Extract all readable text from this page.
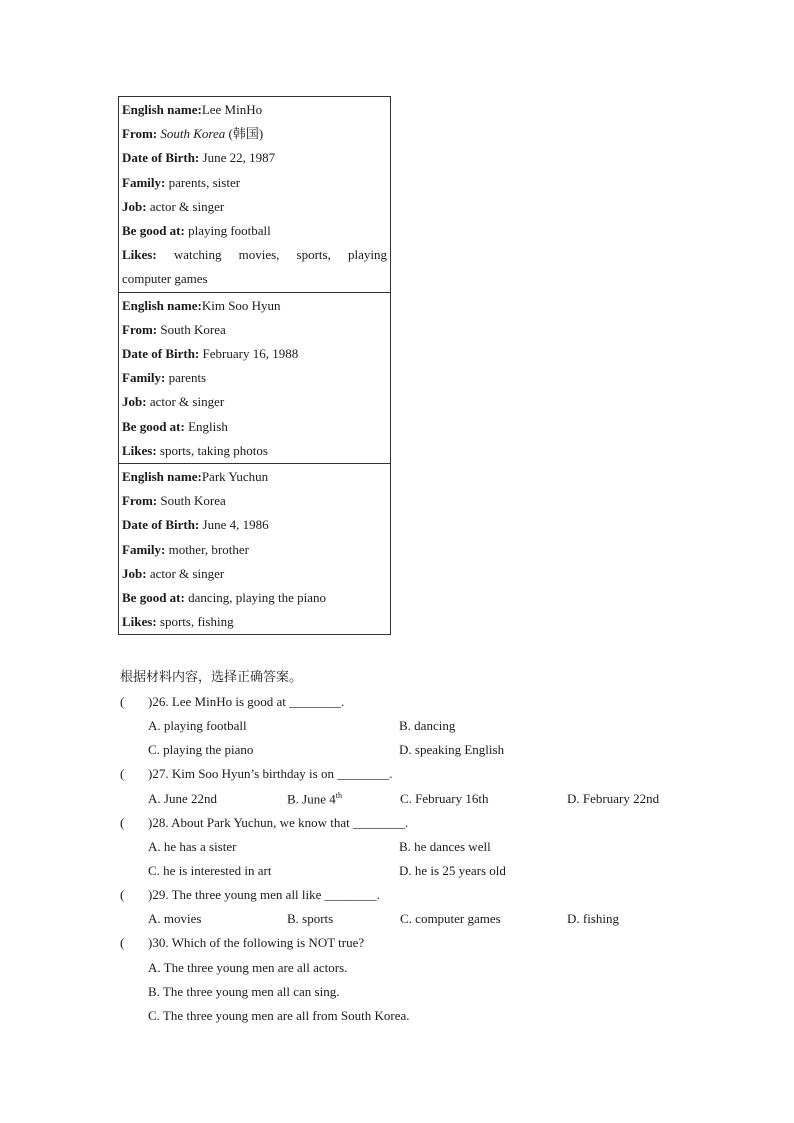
English name:Lee MinHo
From: South Korea (韩国)
Date of Birth: June 22, 1987
Family: parents, sister
Job: actor & singer
Be good at: playing football
Likes: watching movies, sports, playing
computer games
English name:Kim Soo Hyun
From: South Korea
Date of Birth: February 16, 1988
Family: parents
Job: actor & singer
Be good at: English
Likes: sports, taking photos
English name:Park Yuchun
From: South Korea
Date of Birth: June 4, 1986
Family: mother, brother
Job: actor & singer
Be good at: dancing, playing the piano
Likes: sports, fishing
根据材料内容，选择正确答案。
( )26. Lee MinHo is good at ________.
A. playing football	B. dancing
C. playing the piano	D. speaking English
( )27. Kim Soo Hyun’s birthday is on ________.
A. June 22nd	B. June 4th	C. February 16th	D. February 22nd
( )28. About Park Yuchun, we know that ________.
A. he has a sister	B. he dances well
C. he is interested in art	D. he is 25 years old
( )29. The three young men all like ________.
A. movies	B. sports	C. computer games	D. fishing
( )30. Which of the following is NOT true?
A. The three young men are all actors.
B. The three young men all can sing.
C. The three young men are all from South Korea.
